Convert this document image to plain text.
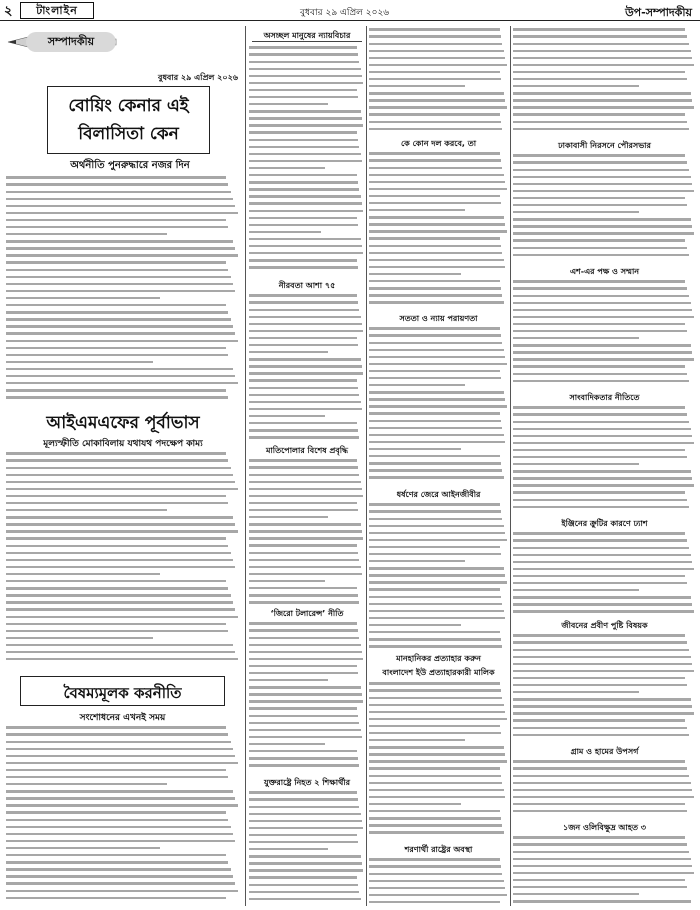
২	টাংলাইন	বুধবার ২৯ এপ্রিল ২০২৬	উপ-সম্পাদকীয়
সম্পাদকীয়
বুধবার ২৯ এপ্রিল ২০২৬
বোয়িং কেনার এই
বিলাসিতা কেন
অর্থনীতি পুনরুদ্ধারে নজর দিন
আইএমএফের পূর্বাভাস
মূল্যস্ফীতি মোকাবিলায় যথাযথ পদক্ষেপ কাম্য
বৈষম্যমূলক করনীতি
সংশোধনের এখনই সময়
অসচ্ছল মানুষের ন্যায়বিচার
নীরবতা আশা ৭৫
মাতিপোলার বিশেষ প্রবৃদ্ধি
‘জিরো টলারেন্স’ নীতি
যুক্তরাষ্ট্রে নিহত ২ শিক্ষার্থীর
কে কোন দল করবে, তা
সততা ও ন্যায় পরায়ণতা
ধর্ষণের জেরে আইনজীবীর
মানহানিকর প্রত্যাহার করুন
বাংলাদেশ ইউ প্রত্যাহারকারী মালিক
শরণার্থী রাষ্ট্রের অবস্থা
ঢাকাবাসী নিরসনে পৌরসভার
এশ-এর পক্ষ ও সম্মান
সাংবাদিকতার নীতিতে
ইঞ্জিনের ক্রুটির কারণে ঢ্যাশ
জীবনের প্রবীণ পুষ্টি বিষয়ক
গ্রাম ও হামের উপসর্গ
১জন ওলিবিক্ষুদ্র আহত ৩
